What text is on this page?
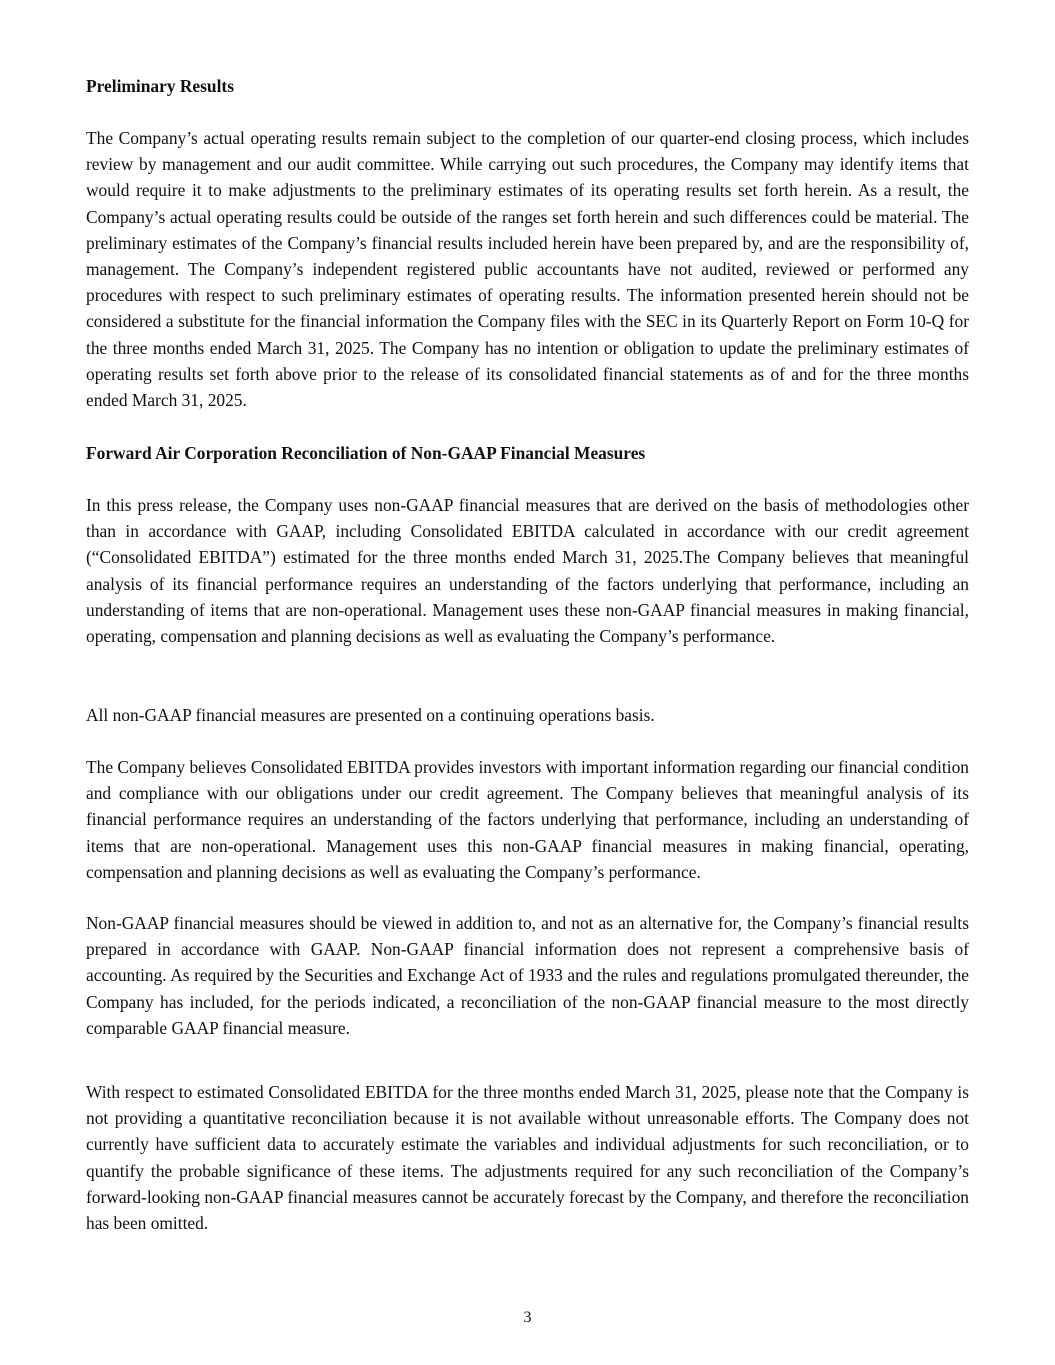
Preliminary Results

The Company’s actual operating results remain subject to the completion of our quarter-end closing process, which includes review by management and our audit committee. While carrying out such procedures, the Company may identify items that would require it to make adjustments to the preliminary estimates of its operating results set forth herein. As a result, the Company’s actual operating results could be outside of the ranges set forth herein and such differences could be material. The preliminary estimates of the Company’s financial results included herein have been prepared by, and are the responsibility of, management. The Company’s independent registered public accountants have not audited, reviewed or performed any procedures with respect to such preliminary estimates of operating results. The information presented herein should not be considered a substitute for the financial information the Company files with the SEC in its Quarterly Report on Form 10-Q for the three months ended March 31, 2025. The Company has no intention or obligation to update the preliminary estimates of operating results set forth above prior to the release of its consolidated financial statements as of and for the three months ended March 31, 2025.

Forward Air Corporation Reconciliation of Non-GAAP Financial Measures

In this press release, the Company uses non-GAAP financial measures that are derived on the basis of methodologies other than in accordance with GAAP, including Consolidated EBITDA calculated in accordance with our credit agreement (“Consolidated EBITDA”) estimated for the three months ended March 31, 2025.The Company believes that meaningful analysis of its financial performance requires an understanding of the factors underlying that performance, including an understanding of items that are non-operational. Management uses these non-GAAP financial measures in making financial, operating, compensation and planning decisions as well as evaluating the Company’s performance.

All non-GAAP financial measures are presented on a continuing operations basis.

The Company believes Consolidated EBITDA provides investors with important information regarding our financial condition and compliance with our obligations under our credit agreement. The Company believes that meaningful analysis of its financial performance requires an understanding of the factors underlying that performance, including an understanding of items that are non-operational. Management uses this non-GAAP financial measures in making financial, operating, compensation and planning decisions as well as evaluating the Company’s performance.

Non-GAAP financial measures should be viewed in addition to, and not as an alternative for, the Company’s financial results prepared in accordance with GAAP. Non-GAAP financial information does not represent a comprehensive basis of accounting. As required by the Securities and Exchange Act of 1933 and the rules and regulations promulgated thereunder, the Company has included, for the periods indicated, a reconciliation of the non-GAAP financial measure to the most directly comparable GAAP financial measure.

With respect to estimated Consolidated EBITDA for the three months ended March 31, 2025, please note that the Company is not providing a quantitative reconciliation because it is not available without unreasonable efforts. The Company does not currently have sufficient data to accurately estimate the variables and individual adjustments for such reconciliation, or to quantify the probable significance of these items. The adjustments required for any such reconciliation of the Company’s forward-looking non-GAAP financial measures cannot be accurately forecast by the Company, and therefore the reconciliation has been omitted.

3
